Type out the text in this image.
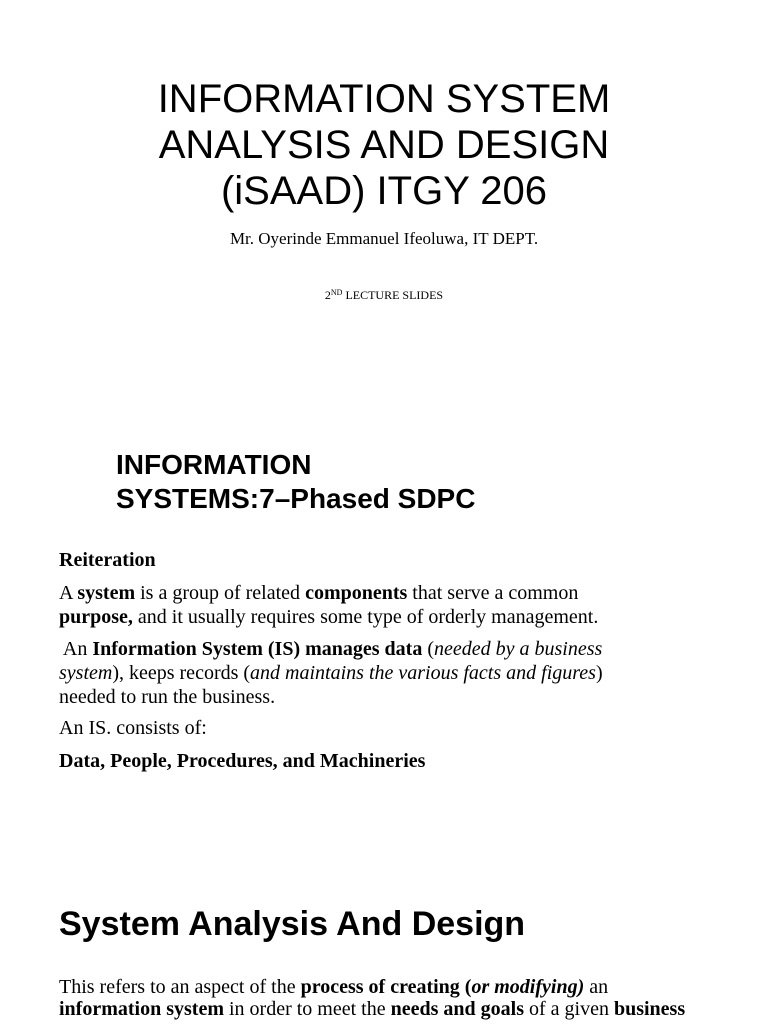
INFORMATION SYSTEM
ANALYSIS AND DESIGN
(iSAAD) ITGY 206
Mr. Oyerinde Emmanuel Ifeoluwa, IT DEPT.
2ND LECTURE SLIDES
INFORMATION
SYSTEMS:7–Phased SDPC
Reiteration
A system is a group of related components that serve a common
purpose, and it usually requires some type of orderly management.
An Information System (IS) manages data (needed by a business
system), keeps records (and maintains the various facts and figures)
needed to run the business.
An IS. consists of:
Data, People, Procedures, and Machineries
System Analysis And Design
This refers to an aspect of the process of creating (or modifying) an
information system in order to meet the needs and goals of a given business
